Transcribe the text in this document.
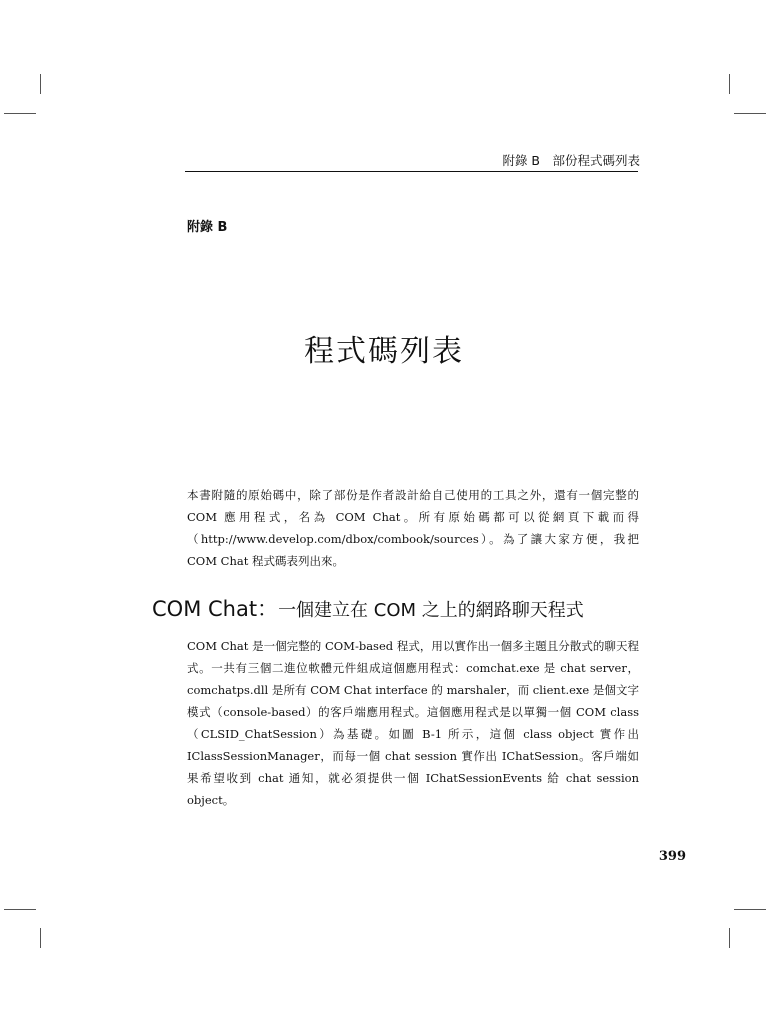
附錄 B　部份程式碼列表
附錄 B
程式碼列表

本書附隨的原始碼中，除了部份是作者設計給自己使用的工具之外，還有一個完整的 COM 應用程式，名為 COM Chat。所有原始碼都可以從網頁下載而得（http://www.develop.com/dbox/combook/sources）。為了讓大家方便，我把 COM Chat 程式碼表列出來。

COM Chat：一個建立在 COM 之上的網路聊天程式

COM Chat 是一個完整的 COM-based 程式，用以實作出一個多主題且分散式的聊天程式。一共有三個二進位軟體元件組成這個應用程式：comchat.exe 是 chat server，comchatps.dll 是所有 COM Chat interface 的 marshaler，而 client.exe 是個文字模式（console-based）的客戶端應用程式。這個應用程式是以單獨一個 COM class（CLSID_ChatSession）為基礎。如圖 B-1 所示，這個 class object 實作出 IClassSessionManager，而每一個 chat session 實作出 IChatSession。客戶端如果希望收到 chat 通知，就必須提供一個 IChatSessionEvents 給 chat session object。

399
